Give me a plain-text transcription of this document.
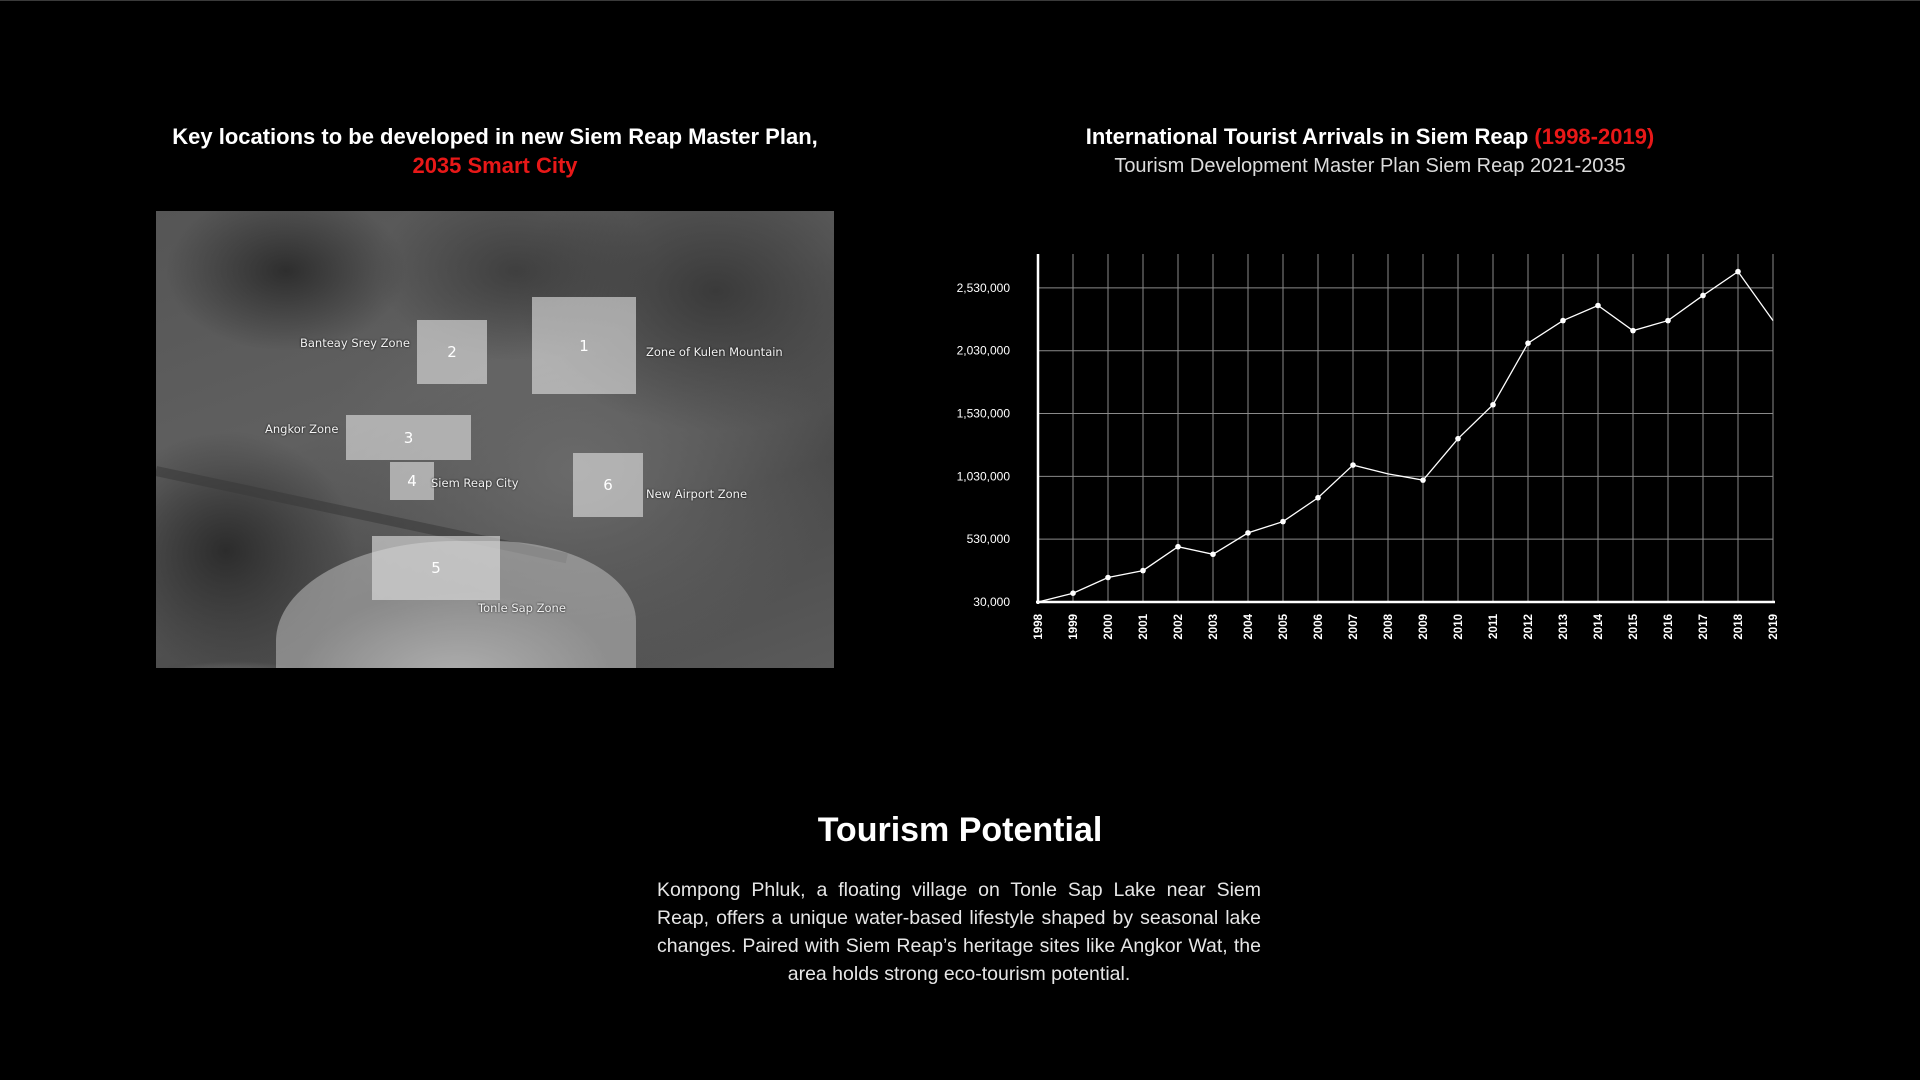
Key locations to be developed in new Siem Reap Master Plan,
2035 Smart City
1	Zone of Kulen Mountain
2
Banteay Srey Zone
3
Angkor Zone
4	Siem Reap City
5
Tonle Sap Zone
6	New Airport Zone
International Tourist Arrivals in Siem Reap (1998-2019)
Tourism Development Master Plan Siem Reap 2021-2035
30,000
530,000
1,030,000
1,530,000
2,030,000
2,530,000
1998 1999 2000 2001 2002 2003 2004 2005 2006 2007 2008 2009 2010 2011 2012 2013 2014 2015 2016 2017 2018 2019
Tourism Potential
Kompong Phluk, a floating village on Tonle Sap Lake near Siem Reap, offers a unique water-based lifestyle shaped by seasonal lake changes. Paired with Siem Reap’s heritage sites like Angkor Wat, the area holds strong eco-tourism potential.
